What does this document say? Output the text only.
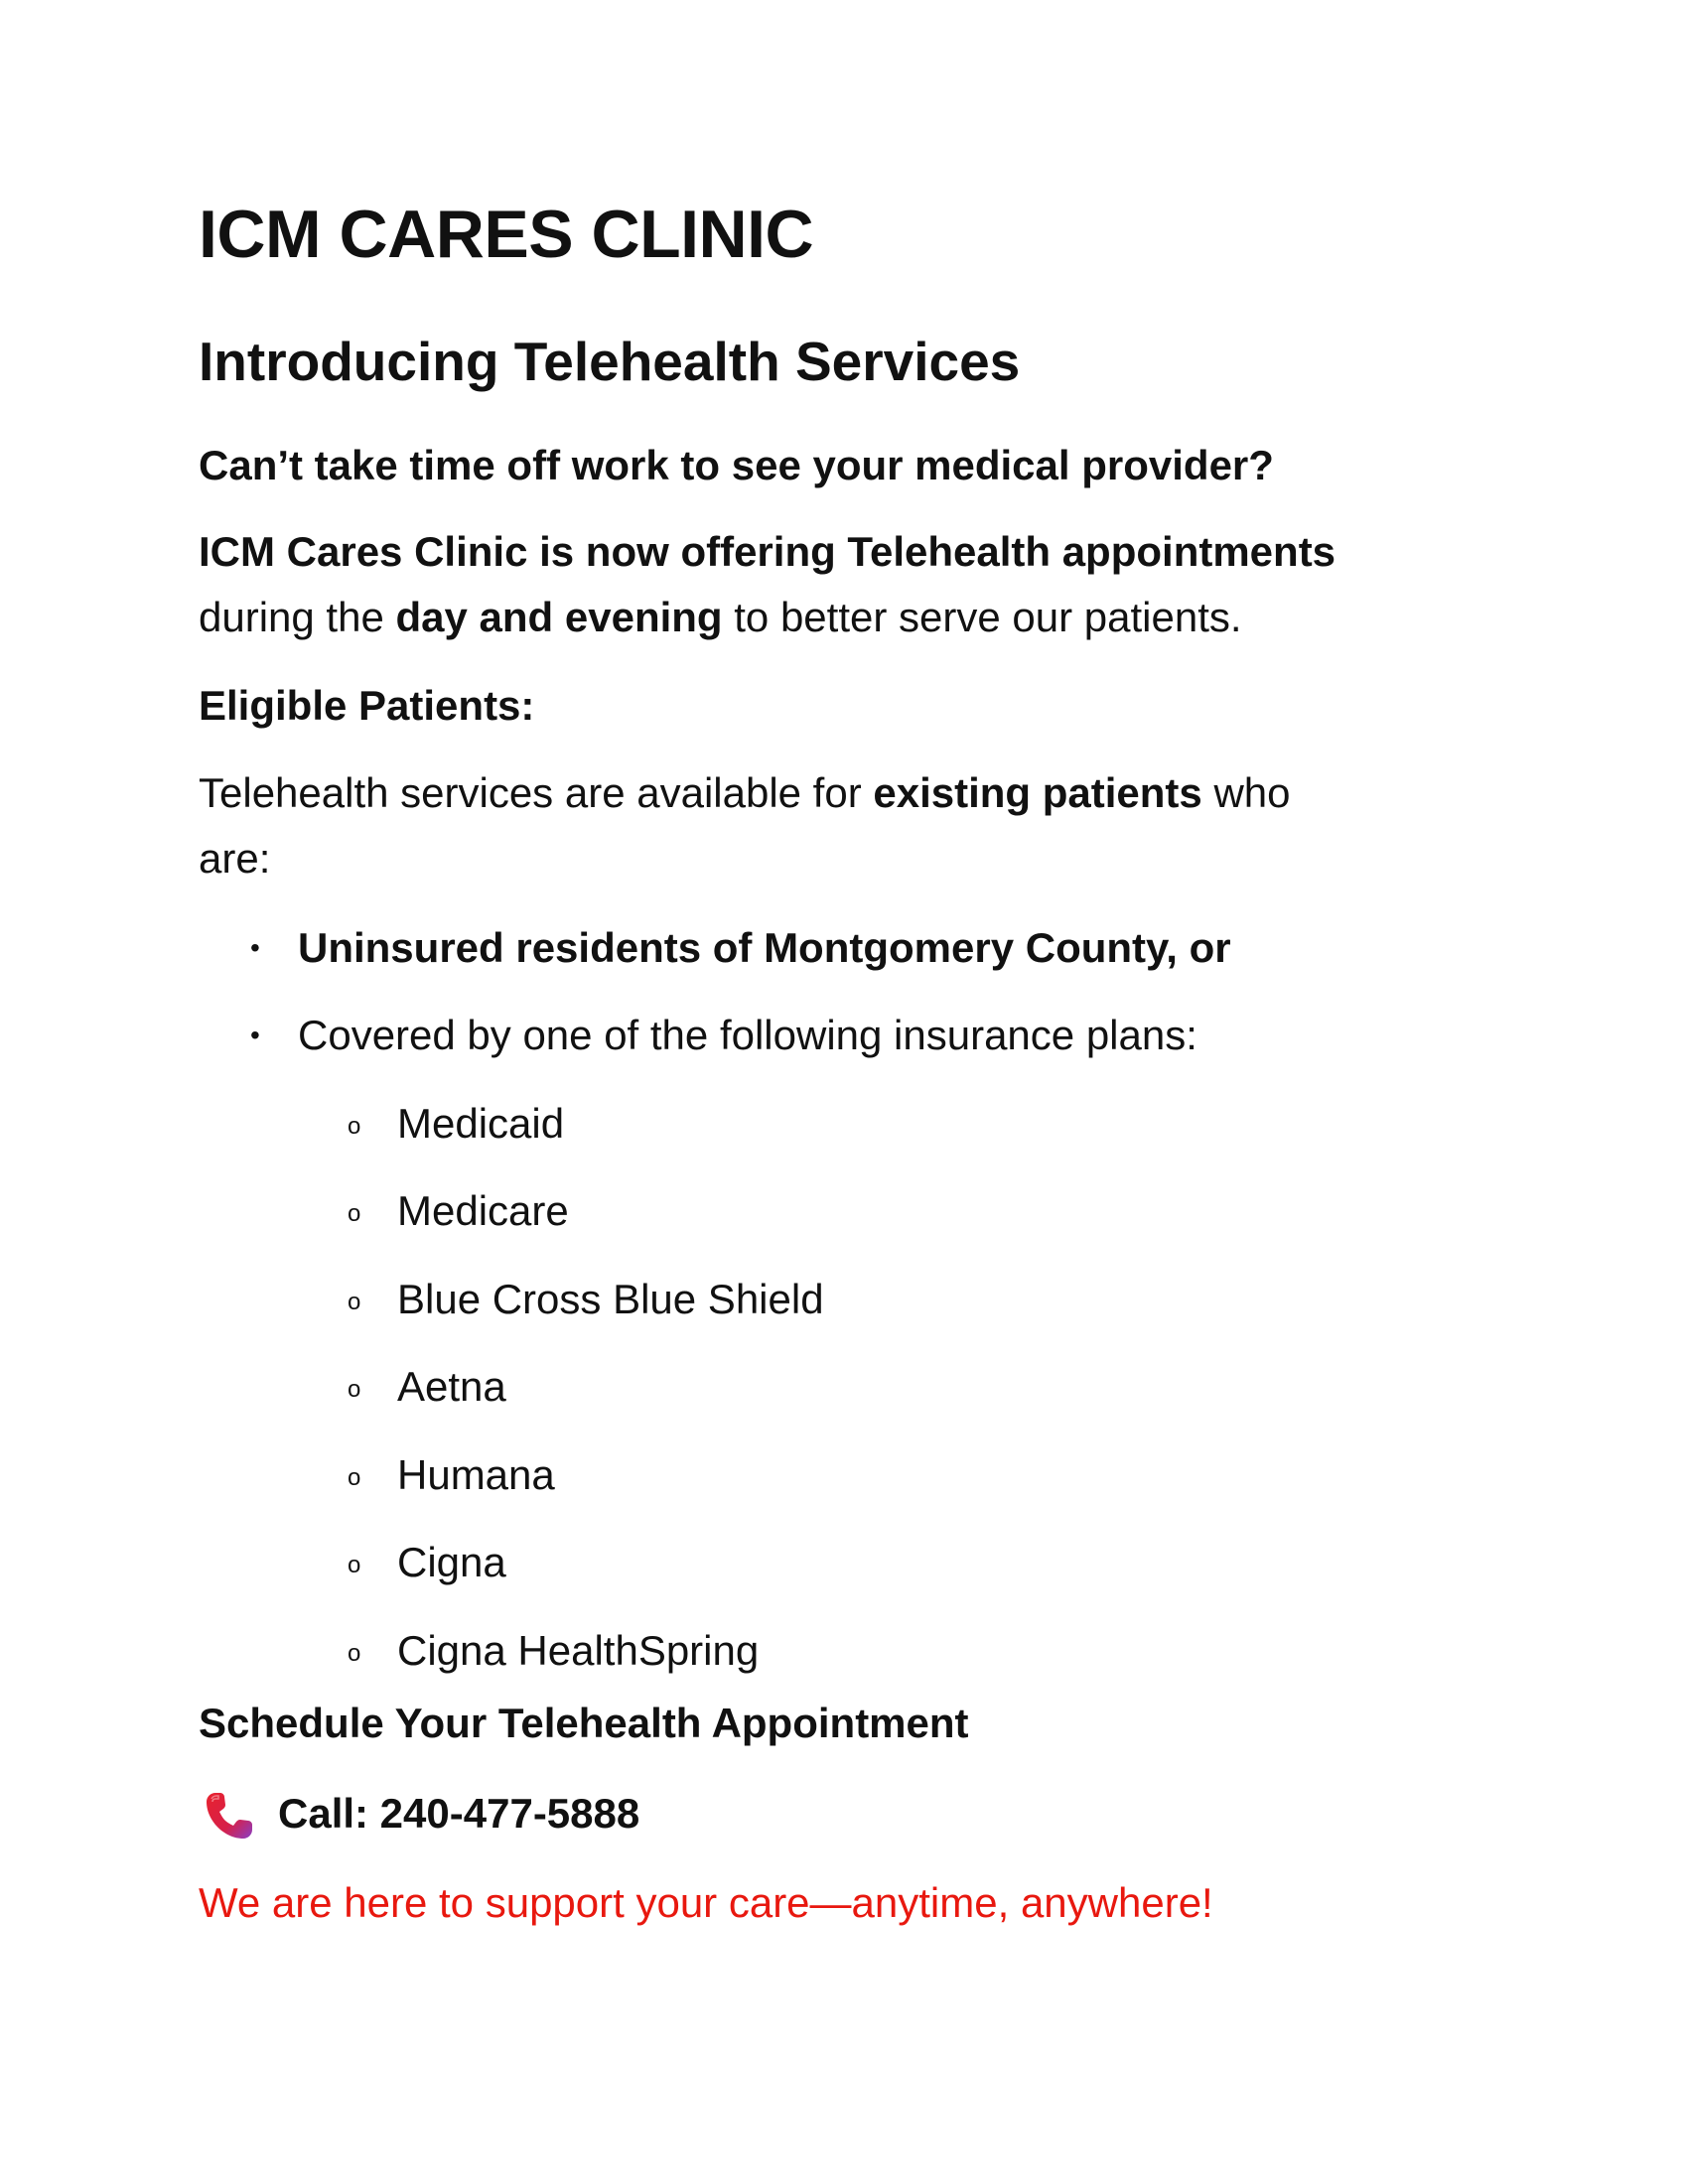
ICM CARES CLINIC
Introducing Telehealth Services

Can’t take time off work to see your medical provider?

ICM Cares Clinic is now offering Telehealth appointments
during the day and evening to better serve our patients.

Eligible Patients:

Telehealth services are available for existing patients who
are:
• Uninsured residents of Montgomery County, or
• Covered by one of the following insurance plans:
o Medicaid
o Medicare
o Blue Cross Blue Shield
o Aetna
o Humana
o Cigna
o Cigna HealthSpring

Schedule Your Telehealth Appointment

Call: 240-477-5888

We are here to support your care—anytime, anywhere!
